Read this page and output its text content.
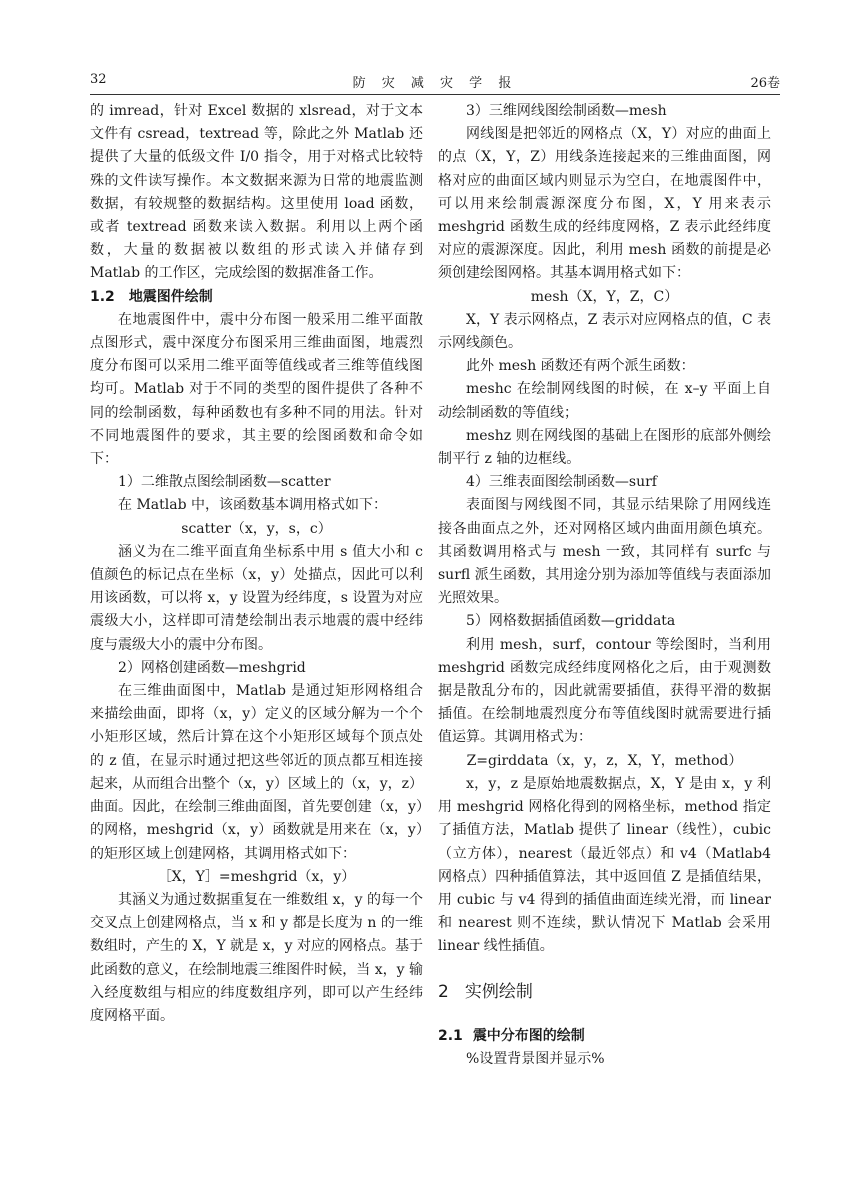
32	防 灾 减 灾 学 报	26卷

的 imread，针对 Excel 数据的 xlsread，对于文本文件有 csread，textread 等，除此之外 Matlab 还提供了大量的低级文件 I/0 指令，用于对格式比较特殊的文件读写操作。本文数据来源为日常的地震监测数据，有较规整的数据结构。这里使用 load 函数，或者 textread 函数来读入数据。利用以上两个函数，大量的数据被以数组的形式读入并储存到 Matlab 的工作区，完成绘图的数据准备工作。

1.2 地震图件绘制

在地震图件中，震中分布图一般采用二维平面散点图形式，震中深度分布图采用三维曲面图，地震烈度分布图可以采用二维平面等值线或者三维等值线图均可。Matlab 对于不同的类型的图件提供了各种不同的绘制函数，每种函数也有多种不同的用法。针对不同地震图件的要求，其主要的绘图函数和命令如下：

1）二维散点图绘制函数—scatter

在 Matlab 中，该函数基本调用格式如下：

scatter（x，y，s，c）

涵义为在二维平面直角坐标系中用 s 值大小和 c 值颜色的标记点在坐标（x，y）处描点，因此可以利用该函数，可以将 x，y 设置为经纬度，s 设置为对应震级大小，这样即可清楚绘制出表示地震的震中经纬度与震级大小的震中分布图。

2）网格创建函数—meshgrid

在三维曲面图中，Matlab 是通过矩形网格组合来描绘曲面，即将（x，y）定义的区域分解为一个个小矩形区域，然后计算在这个小矩形区域每个顶点处的 z 值，在显示时通过把这些邻近的顶点都互相连接起来，从而组合出整个（x，y）区域上的（x，y，z）曲面。因此，在绘制三维曲面图，首先要创建（x，y）的网格，meshgrid（x，y）函数就是用来在（x，y）的矩形区域上创建网格，其调用格式如下：

［X，Y］=meshgrid（x，y）

其涵义为通过数据重复在一维数组 x，y 的每一个交叉点上创建网格点，当 x 和 y 都是长度为 n 的一维数组时，产生的 X，Y 就是 x，y 对应的网格点。基于此函数的意义，在绘制地震三维图件时候，当 x，y 输入经度数组与相应的纬度数组序列，即可以产生经纬度网格平面。

3）三维网线图绘制函数—mesh

网线图是把邻近的网格点（X，Y）对应的曲面上的点（X，Y，Z）用线条连接起来的三维曲面图，网格对应的曲面区域内则显示为空白，在地震图件中，可以用来绘制震源深度分布图，X，Y 用来表示 meshgrid 函数生成的经纬度网格，Z 表示此经纬度对应的震源深度。因此，利用 mesh 函数的前提是必须创建绘图网格。其基本调用格式如下：

mesh（X，Y，Z，C）

X，Y 表示网格点，Z 表示对应网格点的值，C 表示网线颜色。

此外 mesh 函数还有两个派生函数：

meshc 在绘制网线图的时候，在 x–y 平面上自动绘制函数的等值线；

meshz 则在网线图的基础上在图形的底部外侧绘制平行 z 轴的边框线。

4）三维表面图绘制函数—surf

表面图与网线图不同，其显示结果除了用网线连接各曲面点之外，还对网格区域内曲面用颜色填充。其函数调用格式与 mesh 一致，其同样有 surfc 与 surfl 派生函数，其用途分别为添加等值线与表面添加光照效果。

5）网格数据插值函数—griddata

利用 mesh，surf，contour 等绘图时，当利用 meshgrid 函数完成经纬度网格化之后，由于观测数据是散乱分布的，因此就需要插值，获得平滑的数据插值。在绘制地震烈度分布等值线图时就需要进行插值运算。其调用格式为：

Z=girddata（x，y，z，X，Y，method）

x，y，z 是原始地震数据点，X，Y 是由 x，y 利用 meshgrid 网格化得到的网格坐标，method 指定了插值方法，Matlab 提供了 linear（线性），cubic（立方体），nearest（最近邻点）和 v4（Matlab4 网格点）四种插值算法，其中返回值 Z 是插值结果，用 cubic 与 v4 得到的插值曲面连续光滑，而 linear 和 nearest 则不连续，默认情况下 Matlab 会采用 linear 线性插值。

2 实例绘制

2.1 震中分布图的绘制

%设置背景图并显示%
